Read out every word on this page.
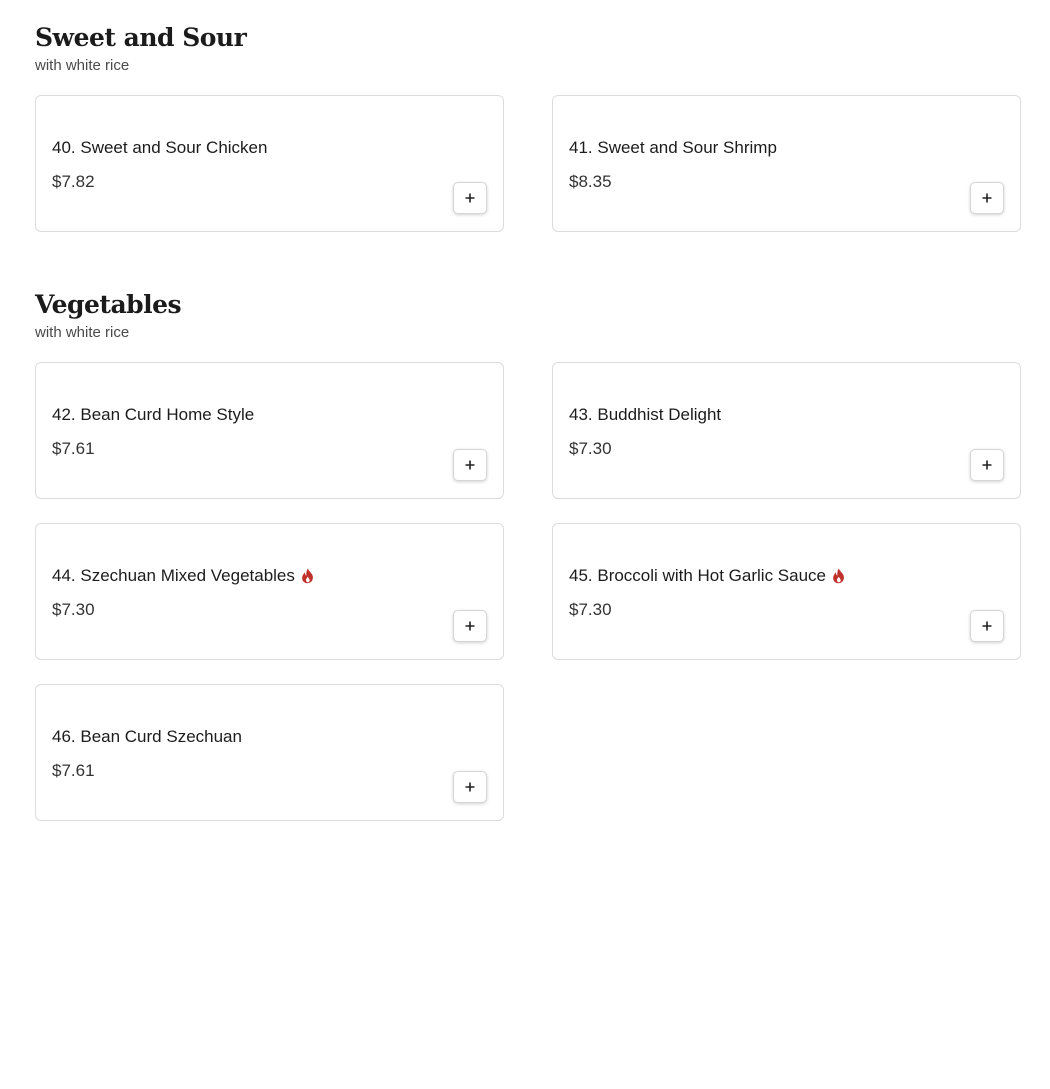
Sweet and Sour

with white rice

40. Sweet and Sour Chicken
$7.82
41. Sweet and Sour Shrimp
$8.35
Vegetables

with white rice

42. Bean Curd Home Style
$7.61
43. Buddhist Delight
$7.30
44. Szechuan Mixed Vegetables
$7.30
45. Broccoli with Hot Garlic Sauce
$7.30
46. Bean Curd Szechuan
$7.61
